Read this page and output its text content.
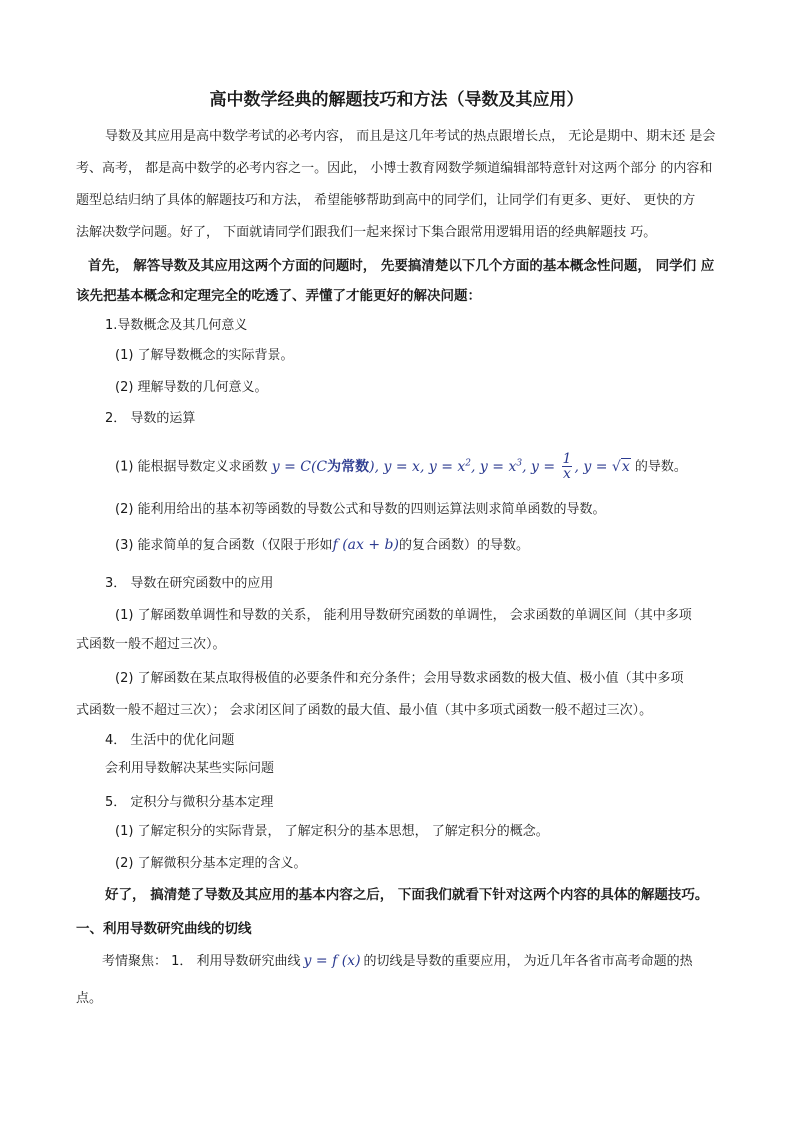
高中数学经典的解题技巧和方法（导数及其应用）
导数及其应用是高中数学考试的必考内容， 而且是这几年考试的热点跟增长点， 无论是期中、期末还 是会
考、高考， 都是高中数学的必考内容之一。因此， 小博士教育网数学频道编辑部特意针对这两个部分 的内容和
题型总结归纳了具体的解题技巧和方法， 希望能够帮助到高中的同学们，让同学们有更多、更好、 更快的方
法解决数学问题。好了， 下面就请同学们跟我们一起来探讨下集合跟常用逻辑用语的经典解题技 巧。
首先， 解答导数及其应用这两个方面的问题时， 先要搞清楚以下几个方面的基本概念性问题， 同学们 应
该先把基本概念和定理完全的吃透了、弄懂了才能更好的解决问题：
1.导数概念及其几何意义
(1) 了解导数概念的实际背景。
(2) 理解导数的几何意义。
2． 导数的运算
(1) 能根据导数定义求函数 y = C(C为常数), y = x, $y = x^2$, $y = x^3$, $y = \frac{1}{x}$ , y = √x 的导数。
(2) 能利用给出的基本初等函数的导数公式和导数的四则运算法则求简单函数的导数。
(3) 能求简单的复合函数（仅限于形如f (ax + b)的复合函数）的导数。
3． 导数在研究函数中的应用
(1) 了解函数单调性和导数的关系， 能利用导数研究函数的单调性， 会求函数的单调区间（其中多项
式函数一般不超过三次）。
(2) 了解函数在某点取得极值的必要条件和充分条件；会用导数求函数的极大值、极小值（其中多项
式函数一般不超过三次）； 会求闭区间了函数的最大值、最小值（其中多项式函数一般不超过三次）。
4． 生活中的优化问题
会利用导数解决某些实际问题
5． 定积分与微积分基本定理
(1) 了解定积分的实际背景， 了解定积分的基本思想， 了解定积分的概念。
(2) 了解微积分基本定理的含义。
好了， 搞清楚了导数及其应用的基本内容之后， 下面我们就看下针对这两个内容的具体的解题技巧。
一、利用导数研究曲线的切线
考情聚焦： 1． 利用导数研究曲线 y = f (x) 的切线是导数的重要应用， 为近几年各省市高考命题的热
点。
